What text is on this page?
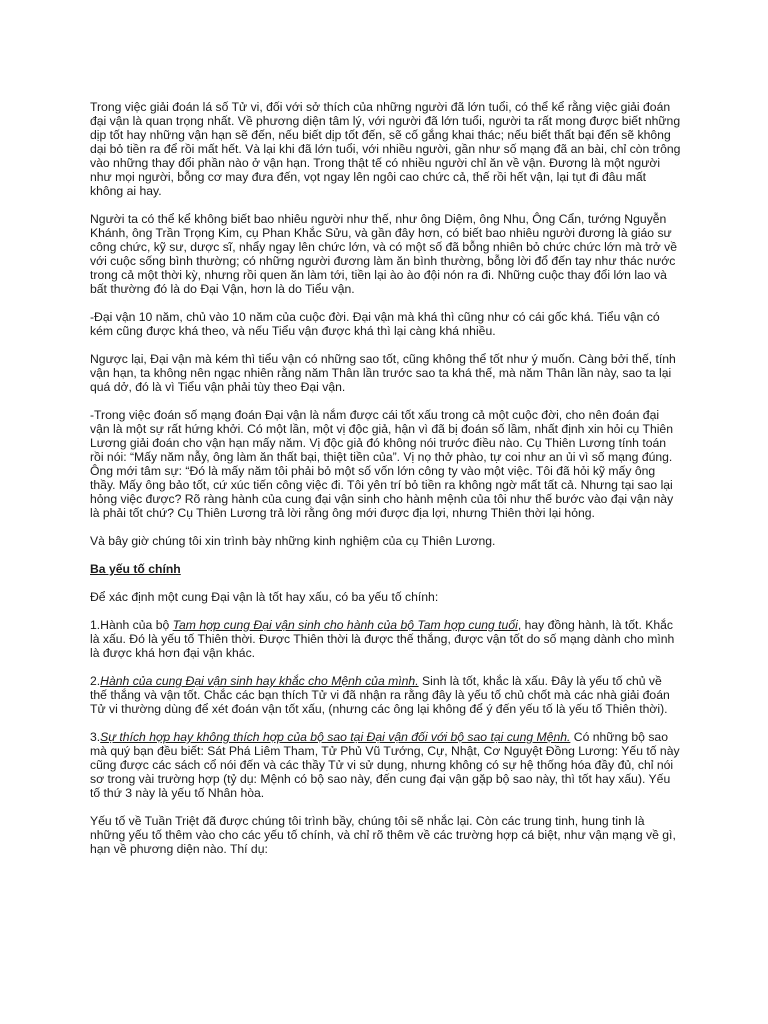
Trong việc giải đoán lá số Tử vi, đối với sở thích của những người đã lớn tuổi, có thể kể rằng việc giải đoán đại vận là quan trọng nhất. Về phương diện tâm lý, với người đã lớn tuổi, người ta rất mong được biết những dịp tốt hay những vận hạn sẽ đến, nếu biết dịp tốt đến, sẽ cố gắng khai thác; nếu biết thất bại đến sẽ không dại bỏ tiền ra để rồi mất hết. Và lại khi đã lớn tuổi, với nhiều người, gần như số mạng đã an bài, chỉ còn trông vào những thay đổi phần nào ở vận hạn. Trong thật tế có nhiều người chỉ ăn về vận. Đương là một người như mọi người, bỗng cơ may đưa đến, vọt ngay lên ngôi cao chức cả, thế rồi hết vận, lại tụt đi đâu mất không ai hay.

Người ta có thể kể không biết bao nhiêu người như thế, như ông Diệm, ông Nhu, Ông Cẩn, tướng Nguyễn Khánh, ông Trần Trọng Kim, cụ Phan Khắc Sửu, và gần đây hơn, có biết bao nhiêu người đương là giáo sư công chức, kỹ sư, dược sĩ, nhẩy ngay lên chức lớn, và có một số đã bỗng nhiên bỏ chức chức lớn mà trở về với cuộc sống bình thường; có những người đương làm ăn bình thường, bỗng lời đổ đến tay như thác nước trong cả một thời kỳ, nhưng rồi quen ăn làm tới, tiền lại ào ào đội nón ra đi. Những cuộc thay đổi lớn lao và bất thường đó là do Đại Vận, hơn là do Tiểu vận.

-Đại vận 10 năm, chủ vào 10 năm của cuộc đời. Đại vận mà khá thì cũng như có cái gốc khá. Tiểu vận có kém cũng được khá theo, và nếu Tiểu vận được khá thì lại càng khá nhiều.

Ngược lại, Đại vận mà kém thì tiểu vận có những sao tốt, cũng không thể tốt như ý muốn. Càng bởi thế, tính vận hạn, ta không nên ngạc nhiên rằng năm Thân lần trước sao ta khá thế, mà năm Thân lần này, sao ta lại quá dở, đó là vì Tiểu vận phải tùy theo Đại vận.

-Trong việc đoán số mạng đoán Đại vận là nắm được cái tốt xấu trong cả một cuộc đời, cho nên đoán đại vận là một sự rất hứng khởi. Có một lần, một vị độc giả, hận vì đã bị đoán số lầm, nhất định xin hỏi cụ Thiên Lương giải đoán cho vận hạn mấy năm. Vị độc giả đó không nói trước điều nào. Cụ Thiên Lương tính toán rồi nói: “Mấy năm nẫy, ông làm ăn thất bại, thiệt tiền của”. Vị nọ thở phào, tự coi như an ủi vì số mạng đúng. Ông mới tâm sự: “Đó là mấy năm tôi phải bỏ một số vốn lớn công ty vào một việc. Tôi đã hỏi kỹ mấy ông thầy. Mấy ông bảo tốt, cứ xúc tiến công việc đi. Tôi yên trí bỏ tiền ra không ngờ mất tất cả. Nhưng tại sao lại hỏng việc được? Rõ ràng hành của cung đại vận sinh cho hành mệnh của tôi như thế bước vào đại vận này là phải tốt chứ? Cụ Thiên Lương trả lời rằng ông mới được địa lợi, nhưng Thiên thời lại hỏng.

Và bây giờ chúng tôi xin trình bày những kinh nghiệm của cụ Thiên Lương.

Ba yếu tố chính

Để xác định một cung Đại vận là tốt hay xấu, có ba yếu tố chính:

1.Hành của bộ Tam hợp cung Đại vận sinh cho hành của bộ Tam hợp cung tuổi, hay đồng hành, là tốt. Khắc là xấu. Đó là yếu tố Thiên thời. Được Thiên thời là được thế thắng, được vận tốt do số mạng dành cho mình là được khá hơn đại vận khác.

2.Hành của cung Đại vận sinh hay khắc cho Mệnh của mình. Sinh là tốt, khắc là xấu. Đây là yếu tố chủ về thế thắng và vận tốt. Chắc các bạn thích Tử vi đã nhận ra rằng đây là yếu tố chủ chốt mà các nhà giải đoán Tử vi thường dùng để xét đoán vận tốt xấu, (nhưng các ông lại không để ý đến yếu tố là yếu tố Thiên thời).

3.Sự thích hợp hay không thích hợp của bộ sao tại Đại vận đối với bộ sao tại cung Mệnh. Có những bộ sao mà quý bạn đều biết: Sát Phá Liêm Tham, Tử Phủ Vũ Tướng, Cự, Nhật, Cơ Nguyệt Đồng Lương: Yếu tố này cũng được các sách cổ nói đến và các thầy Tử vi sử dụng, nhưng không có sự hệ thống hóa đầy đủ, chỉ nói sơ trong vài trường hợp (tỷ dụ: Mệnh có bộ sao này, đến cung đại vận gặp bộ sao này, thì tốt hay xấu). Yếu tố thứ 3 này là yếu tố Nhân hòa.

Yếu tố về Tuần Triệt đã được chúng tôi trình bầy, chúng tôi sẽ nhắc lại. Còn các trung tinh, hung tinh là những yếu tố thêm vào cho các yếu tố chính, và chỉ rõ thêm về các trường hợp cá biệt, như vận mạng về gì, hạn về phương diện nào. Thí dụ:
